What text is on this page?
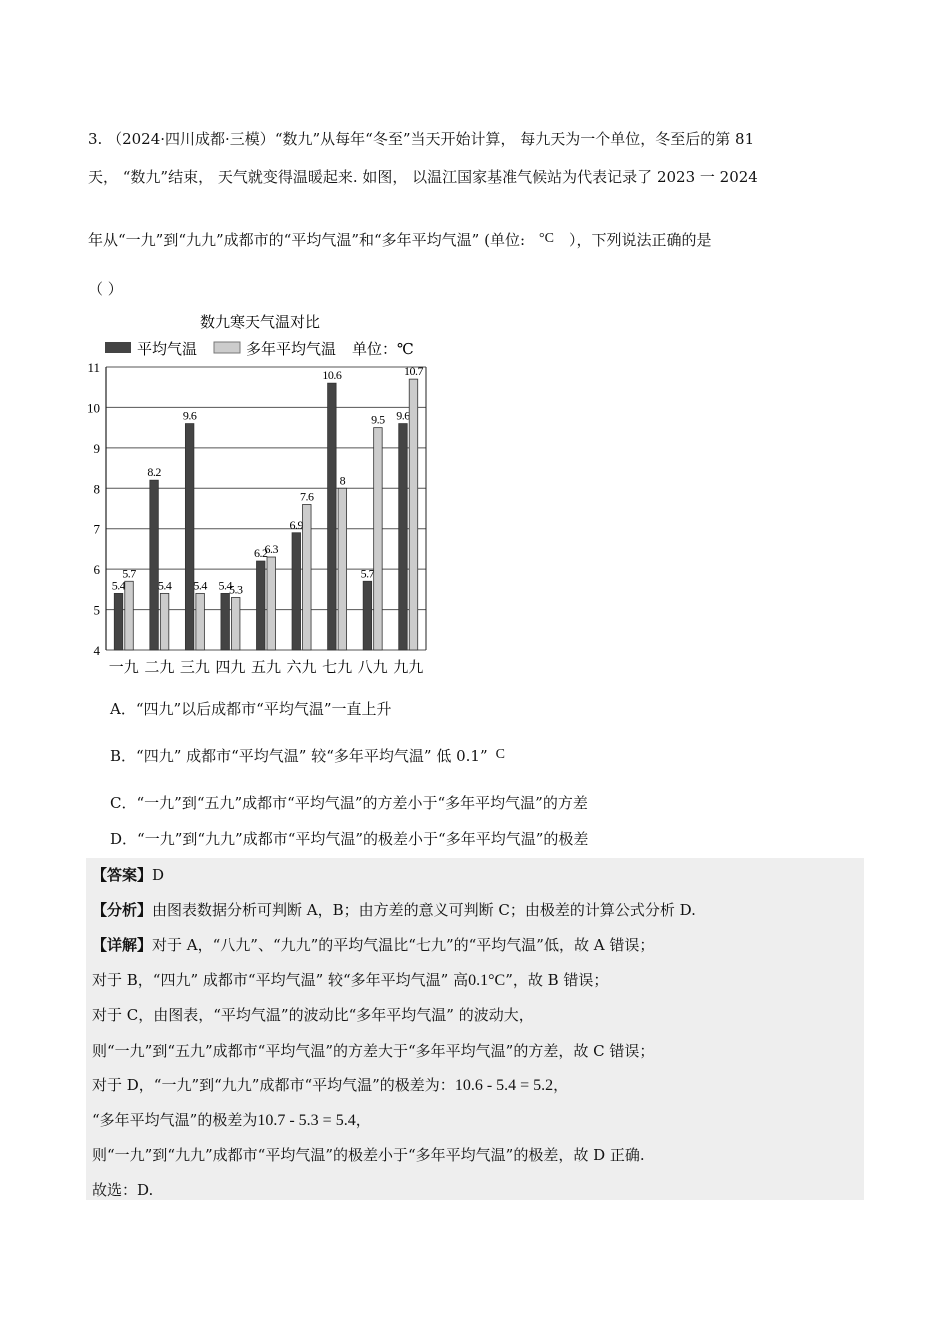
3. （2024·四川成都·三模）“数九”从每年“冬至”当天开始计算， 每九天为一个单位，冬至后的第 81
天， “数九”结束， 天气就变得温暖起来. 如图， 以温江国家基准气候站为代表记录了 2023 一 2024
年从“一九”到“九九”成都市的“平均气温”和“多年平均气温” (单位: °C ），下列说法正确的是
（ ）
数九寒天气温对比
平均气温	多年平均气温 单位：℃
5.4
8.2
9.6
5.4
6.2
6.9
10.6
5.7
9.6
5.7
5.4 5.4 5.3
6.3
7.6
8
9.5
10.7
4
5
6
7
8
9
10
11
一九 二九 三九 四九 五九 六九 七九 八九 九九
A．“四九”以后成都市“平均气温”一直上升
B．“四九” 成都市“平均气温” 较“多年平均气温” 低 0.1” C
C．“一九”到“五九”成都市“平均气温”的方差小于“多年平均气温”的方差
D．“一九”到“九九”成都市“平均气温”的极差小于“多年平均气温”的极差
【答案】D
【分析】由图表数据分析可判断 A，B；由方差的意义可判断 C；由极差的计算公式分析 D.
【详解】对于 A，“八九”、“九九”的平均气温比“七九”的“平均气温”低，故 A 错误；
对于 B，“四九” 成都市“平均气温” 较“多年平均气温” 高0.1°C”，故 B 错误；
对于 C，由图表，“平均气温”的波动比“多年平均气温” 的波动大，
则“一九”到“五九”成都市“平均气温”的方差大于“多年平均气温”的方差，故 C 错误；
对于 D，“一九”到“九九”成都市“平均气温”的极差为：10.6 - 5.4 = 5.2，
“多年平均气温”的极差为10.7 - 5.3 = 5.4，
则“一九”到“九九”成都市“平均气温”的极差小于“多年平均气温”的极差，故 D 正确.
故选：D.
